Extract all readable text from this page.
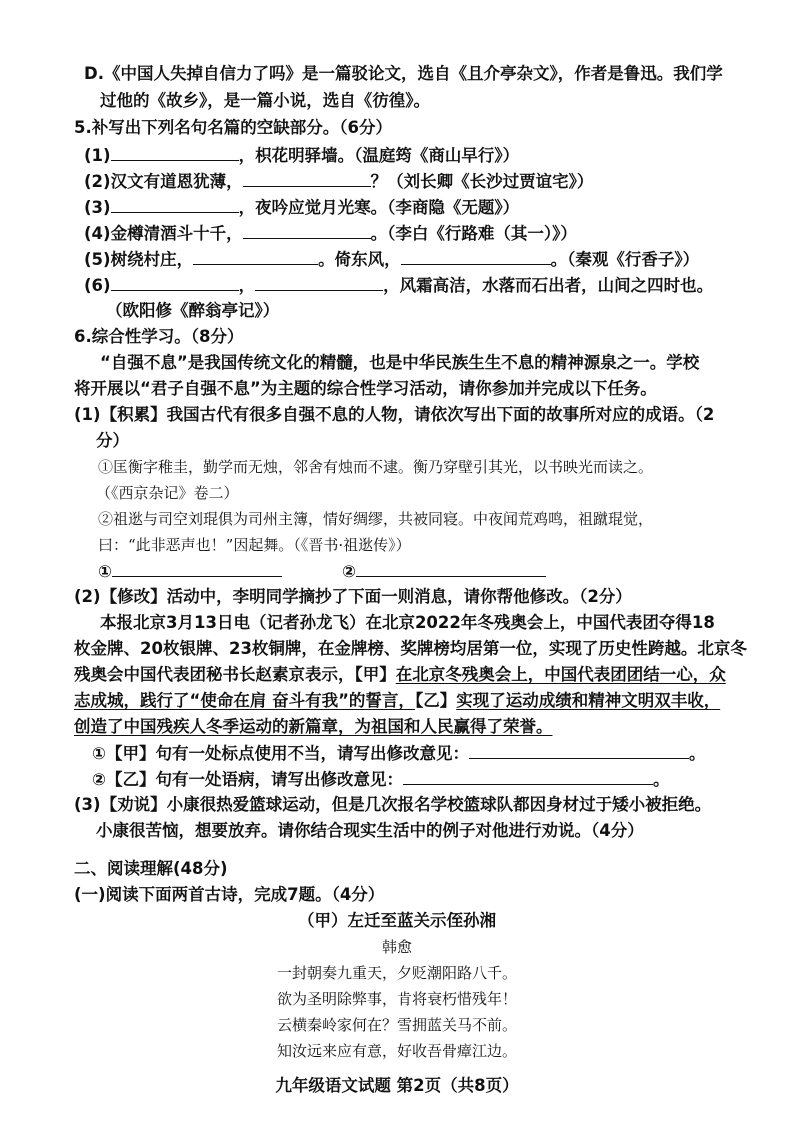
D.《中国人失掉自信力了吗》是一篇驳论文，选自《且介亭杂文》，作者是鲁迅。我们学
过他的《故乡》，是一篇小说，选自《彷徨》。
5.补写出下列名句名篇的空缺部分。（6分）
(1)	，枳花明驿墙。（温庭筠《商山早行》）
(2)汉文有道恩犹薄，	？（刘长卿《长沙过贾谊宅》）
(3)	，夜吟应觉月光寒。（李商隐《无题》）
(4)金樽清酒斗十千，	。（李白《行路难（其一）》）
(5)树绕村庄，	。倚东风，	。（秦观《行香子》）
(6)	，	，风霜高洁，水落而石出者，山间之四时也。
（欧阳修《醉翁亭记》）
6.综合性学习。（8分）
“自强不息”是我国传统文化的精髓，也是中华民族生生不息的精神源泉之一。学校
将开展以“君子自强不息”为主题的综合性学习活动，请你参加并完成以下任务。
(1)【积累】我国古代有很多自强不息的人物，请依次写出下面的故事所对应的成语。（2
分）
①匡衡字稚圭，勤学而无烛，邻舍有烛而不逮。衡乃穿壁引其光，以书映光而读之。
（《西京杂记》卷二）
②祖逖与司空刘琨俱为司州主簿，情好绸缪，共被同寝。中夜闻荒鸡鸣，祖蹴琨觉，
曰：“此非恶声也！”因起舞。（《晋书·祖逖传》）
①	②
(2)【修改】活动中，李明同学摘抄了下面一则消息，请你帮他修改。（2分）
本报北京3月13日电（记者孙龙飞）在北京2022年冬残奥会上，中国代表团夺得18
枚金牌、20枚银牌、23枚铜牌，在金牌榜、奖牌榜均居第一位，实现了历史性跨越。北京冬
残奥会中国代表团秘书长赵素京表示，【甲】在北京冬残奥会上，中国代表团团结一心，众
志成城，践行了“使命在肩 奋斗有我”的誓言，【乙】实现了运动成绩和精神文明双丰收，
创造了中国残疾人冬季运动的新篇章，为祖国和人民赢得了荣誉。
①【甲】句有一处标点使用不当，请写出修改意见：	。
②【乙】句有一处语病，请写出修改意见：	。
(3)【劝说】小康很热爱篮球运动，但是几次报名学校篮球队都因身材过于矮小被拒绝。
小康很苦恼，想要放弃。请你结合现实生活中的例子对他进行劝说。（4分）
二、阅读理解(48分)
(一)阅读下面两首古诗，完成7题。（4分）
（甲）左迁至蓝关示侄孙湘
韩愈
一封朝奏九重天，夕贬潮阳路八千。
欲为圣明除弊事，肯将衰朽惜残年！
云横秦岭家何在？雪拥蓝关马不前。
知汝远来应有意，好收吾骨瘴江边。
九年级语文试题 第2页（共8页）
